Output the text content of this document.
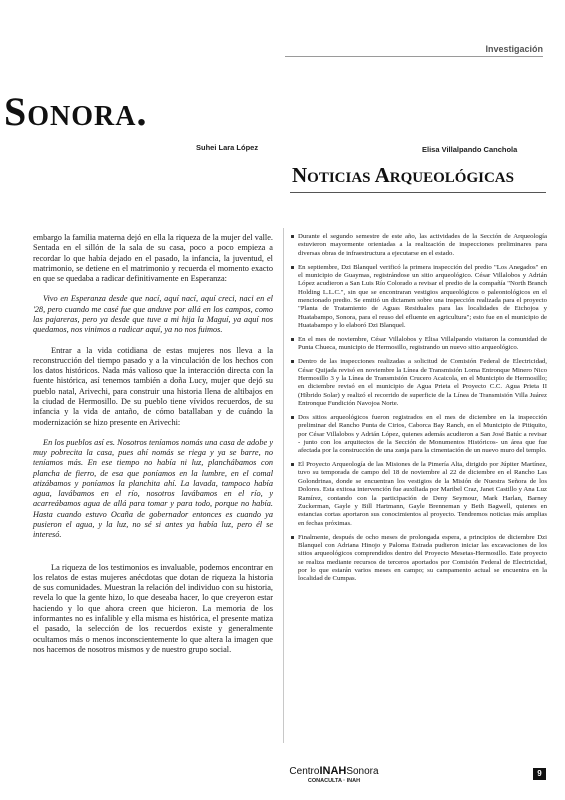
Investigación
Sonora.
Suhei Lara López	Elisa Villalpando Canchola
Noticias Arqueológicas

embargo la familia materna dejó en ella la riqueza de la mujer del valle. Sentada en el sillón de la sala de su casa, poco a poco empieza a recordar lo que había dejado en el pasado, la infancia, la juventud, el matrimonio, se detiene en el matrimonio y recuerda el momento exacto en que se quedaba a radicar definitivamente en Esperanza:

Vivo en Esperanza desde que nací, aquí nací, aquí creci, naci en el '28, pero cuando me casé fue que anduve por allá en los campos, como las pajareras, pero ya desde que tuve a mi hija la Maguí, ya aquí nos quedamos, nos vinimos a radicar aquí, ya no nos fuimos.

Entrar a la vida cotidiana de estas mujeres nos lleva a la reconstrucción del tiempo pasado y a la vinculación de los hechos con los datos históricos. Nada más valioso que la interacción directa con la fuente histórica, así tenemos también a doña Lucy, mujer que dejó su pueblo natal, Arivechi, para construir una historia llena de altibajos en la ciudad de Hermosillo. De su pueblo tiene vívidos recuerdos, de su infancia y la vida de antaño, de cómo batallaban y de cuándo la modernización se hizo presente en Arivechi:

En los pueblos así es. Nosotros teníamos nomás una casa de adobe y muy pobrecita la casa, pues ahí nomás se riega y ya se barre, no teníamos más. En ese tiempo no había ni luz, planchábamos con plancha de fierro, de esa que poníamos en la lumbre, en el comal atizábamos y poníamos la planchita ahí. La lavada, tampoco había agua, lavábamos en el río, nosotros lavábamos en el río, y acarreábamos agua de allá para tomar y para todo, porque no había. Hasta cuando estuvo Ocaña de gobernador entonces es cuando ya pusieron el agua, y la luz, no sé si antes ya había luz, pero él se interesó.

La riqueza de los testimonios es invaluable, podemos encontrar en los relatos de estas mujeres anécdotas que dotan de riqueza la historia de sus comunidades. Muestran la relación del individuo con su historia, revela lo que la gente hizo, lo que deseaba hacer, lo que creyeron estar haciendo y lo que ahora creen que hicieron. La memoria de los informantes no es infalible y ella misma es histórica, el presente matiza el pasado, la selección de los recuerdos existe y generalmente ocultamos más o menos inconscientemente lo que altera la imagen que nos hacemos de nosotros mismos y de nuestro grupo social.

Durante el segundo semestre de este año, las actividades de la Sección de Arqueología estuvieron mayormente orientadas a la realización de inspecciones preliminares para diversas obras de infraestructura a ejecutarse en el estado.
En septiembre, Dzi Blanquel verificó la primera inspección del predio "Los Anegados" en el municipio de Guaymas, registrándose un sitio arqueológico. César Villalobos y Adrián López acudieron a San Luis Río Colorado a revisar el predio de la compañía "North Branch Holding L.L.C.", sin que se encontraran vestigios arqueológicos o paleontológicos en el mencionado predio. Se emitió un dictamen sobre una inspección realizada para el proyecto "Planta de Tratamiento de Aguas Residuales para las localidades de Etchojoa y Huatabampo, Sonora, para el reuso del efluente en agricultura"; esto fue en el municipio de Huatabampo y lo elaboró Dzi Blanquel.
En el mes de noviembre, César Villalobos y Elisa Villalpando visitaron la comunidad de Punta Chueca, municipio de Hermosillo, registrando un nuevo sitio arqueológico.
Dentro de las inspecciones realizadas a solicitud de Comisión Federal de Electricidad, César Quijada revisó en noviembre la Línea de Transmisión Loma Entronque Minero Nico Hermosillo 3 y la Línea de Transmisión Crucero Acaicola, en el Municipio de Hermosillo; en diciembre revisó en el municipio de Agua Prieta el Proyecto C.C. Agua Prieta II (Híbrido Solar) y realizó el recorrido de superficie de la Línea de Transmisión Villa Juárez Entronque Fundición Navojoa Norte.
Dos sitios arqueológicos fueron registrados en el mes de diciembre en la inspección preliminar del Rancho Punta de Cirios, Caborca Bay Ranch, en el Municipio de Pitiquito, por César Villalobos y Adrián López, quienes además acudieron a San José Batúc a revisar - junto con los arquitectos de la Sección de Monumentos Históricos- un área que fue afectada por la construcción de una zanja para la cimentación de un nuevo muro del templo.
El Proyecto Arqueología de las Misiones de la Pimería Alta, dirigido por Júpiter Martínez, tuvo su temporada de campo del 18 de noviembre al 22 de diciembre en el Rancho Las Golondrinas, donde se encuentran los vestigios de la Misión de Nuestra Señora de los Dolores. Esta exitosa intervención fue auxiliada por Maribel Craz, Janet Castillo y Ana Luz Ramírez, contando con la participación de Deny Seymour, Mark Harlan, Barney Zuckerman, Gayle y Bill Hartmann, Gayle Brenneman y Beth Bagwell, quienes en estancias cortas aportaron sus conocimientos al proyecto. Tendremos noticias más amplias en fechas próximas.
Finalmente, después de ocho meses de prolongada espera, a principios de diciembre Dzi Blanquel con Adriana Hinojo y Paloma Estrada pudieron iniciar las excavaciones de los sitios arqueológicos comprendidos dentro del Proyecto Mesetas-Hermosillo. Este proyecto se realiza mediante recursos de terceros aportados por Comisión Federal de Electricidad, por lo que estarán varios meses en campo; su campamento actual se encuentra en la localidad de Cumpas.
CentroINAHSonora
CONACULTA · INAH
9
